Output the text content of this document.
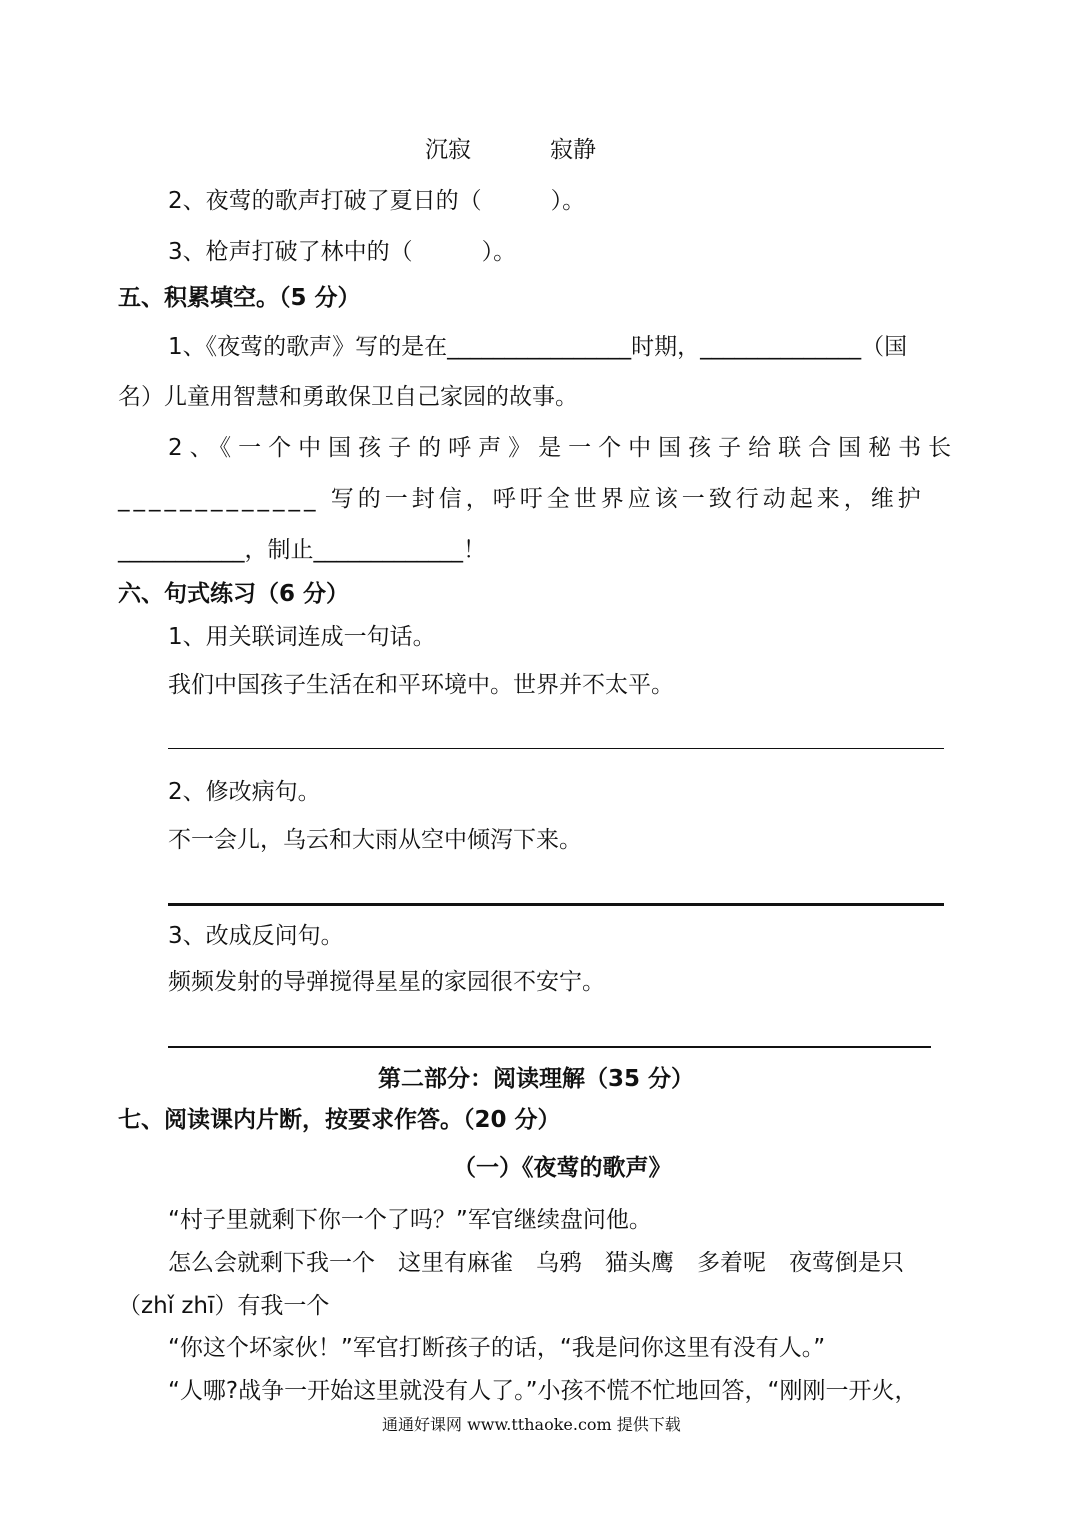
沉寂	寂静
2、夜莺的歌声打破了夏日的（　　　）。
3、枪声打破了林中的（　　　）。
五、积累填空。（5 分）
1、《夜莺的歌声》写的是在________________时期，______________（国
名）儿童用智慧和勇敢保卫自己家园的故事。
2、《一个中国孩子的呼声》是一个中国孩子给联合国秘书长
_____________ 写的一封信，呼吁全世界应该一致行动起来，维护
___________，制止_____________！
六、句式练习（6 分）
1、用关联词连成一句话。
我们中国孩子生活在和平环境中。世界并不太平。
2、修改病句。
不一会儿，乌云和大雨从空中倾泻下来。
3、改成反问句。
频频发射的导弹搅得星星的家园很不安宁。
第二部分：阅读理解（35 分）
七、阅读课内片断，按要求作答。（20 分）
（一）《夜莺的歌声》
“村子里就剩下你一个了吗？”军官继续盘问他。
怎么会就剩下我一个　这里有麻雀　乌鸦　猫头鹰　多着呢　夜莺倒是只
（zhǐ zhī）有我一个
“你这个坏家伙！”军官打断孩子的话，“我是问你这里有没有人。”
“人哪?战争一开始这里就没有人了。”小孩不慌不忙地回答，“刚刚一开火，
通通好课网 www.tthaoke.com 提供下载
